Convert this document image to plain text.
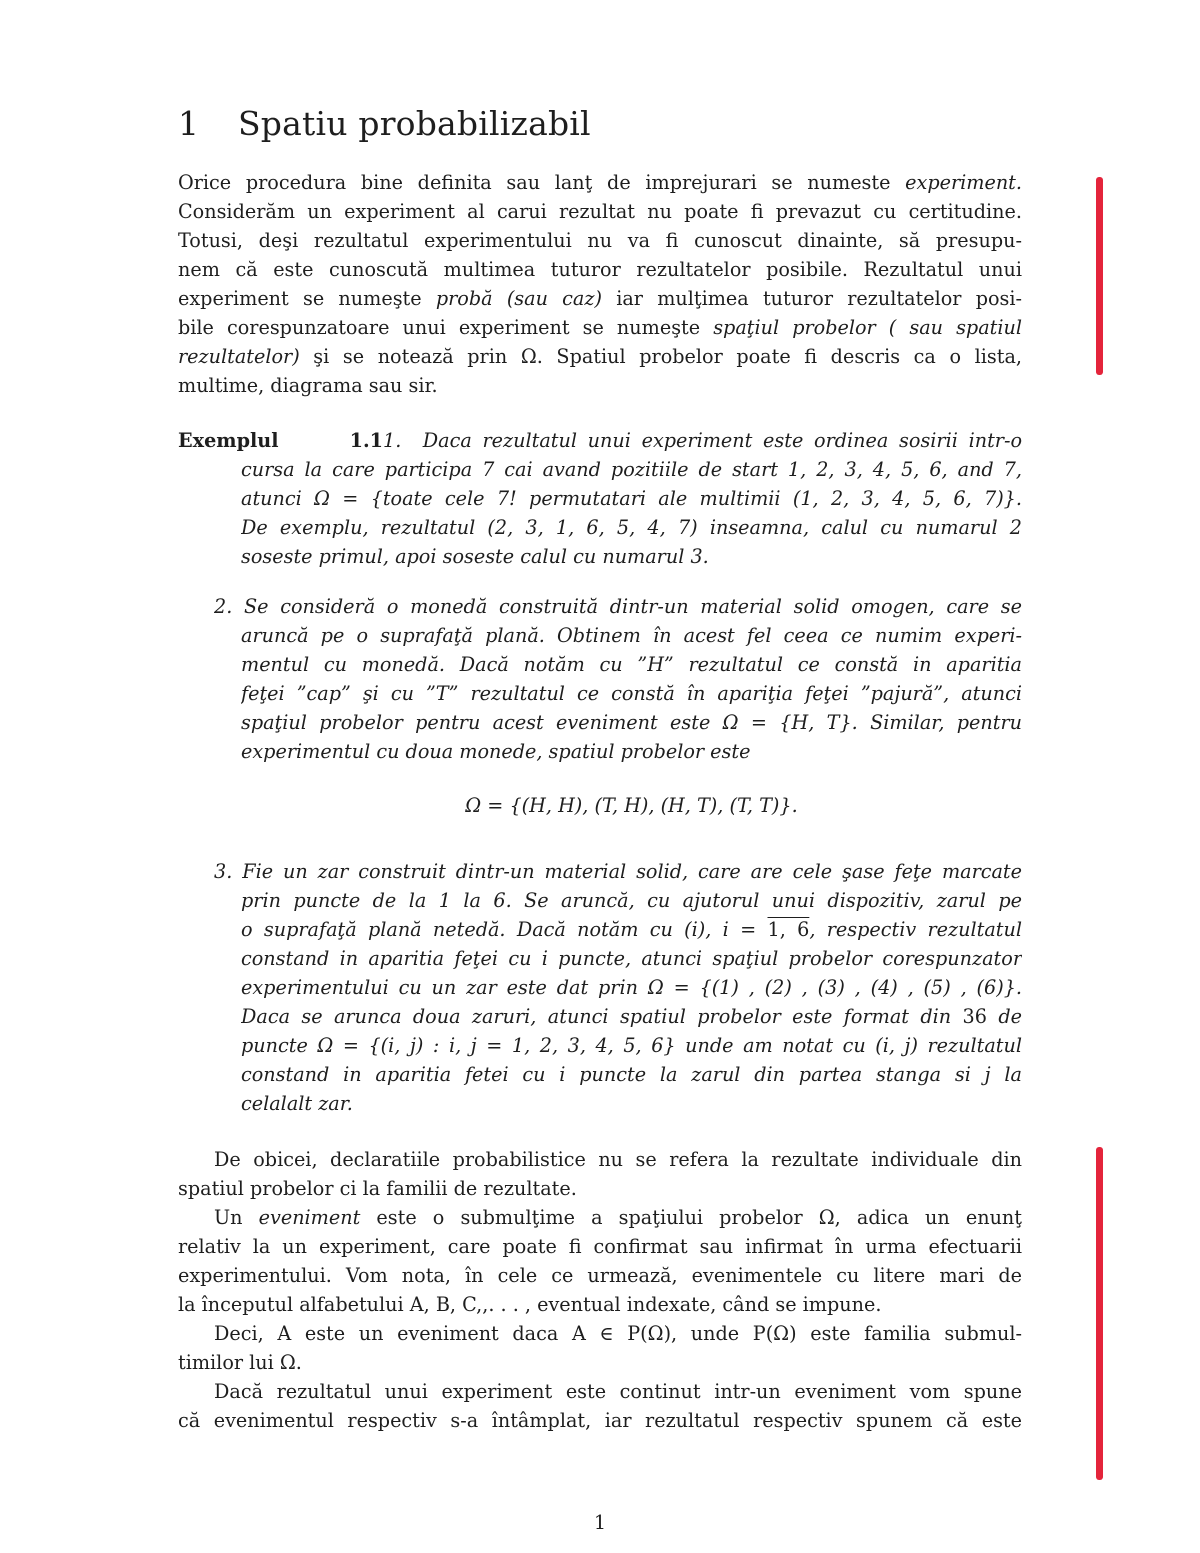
1 Spatiu probabilizabil

Orice procedura bine definita sau lanţ de imprejurari se numeste experiment.

Considerăm un experiment al carui rezultat nu poate fi prevazut cu certitudine.

Totusi, deşi rezultatul experimentului nu va fi cunoscut dinainte, să presupu-

nem că este cunoscută multimea tuturor rezultatelor posibile. Rezultatul unui

experiment se numeşte probă (sau caz) iar mulţimea tuturor rezultatelor posi-

bile corespunzatoare unui experiment se numeşte spaţiul probelor ( sau spatiul

rezultatelor) şi se notează prin Ω. Spatiul probelor poate fi descris ca o lista,

multime, diagrama sau sir.

Exemplul 1.11. Daca rezultatul unui experiment este ordinea sosirii intr-o

cursa la care participa 7 cai avand pozitiile de start 1, 2, 3, 4, 5, 6, and 7,

atunci Ω = {toate cele 7! permutatari ale multimii (1, 2, 3, 4, 5, 6, 7)}.

De exemplu, rezultatul (2, 3, 1, 6, 5, 4, 7) inseamna, calul cu numarul 2

soseste primul, apoi soseste calul cu numarul 3.

2. Se consideră o monedă construită dintr-un material solid omogen, care se

aruncă pe o suprafaţă plană. Obtinem în acest fel ceea ce numim experi-

mentul cu monedă. Dacă notăm cu ”H” rezultatul ce constă in aparitia

feţei ”cap” şi cu ”T” rezultatul ce constă în apariţia feţei ”pajură”, atunci

spaţiul probelor pentru acest eveniment este Ω = {H, T}. Similar, pentru

experimentul cu doua monede, spatiul probelor este

Ω = {(H, H), (T, H), (H, T), (T, T)}.

3. Fie un zar construit dintr-un material solid, care are cele şase feţe marcate

prin puncte de la 1 la 6. Se aruncă, cu ajutorul unui dispozitiv, zarul pe

o suprafaţă plană netedă. Dacă notăm cu (i), i = 1, 6, respectiv rezultatul

constand in aparitia feţei cu i puncte, atunci spaţiul probelor corespunzator

experimentului cu un zar este dat prin Ω = {(1) , (2) , (3) , (4) , (5) , (6)}.

Daca se arunca doua zaruri, atunci spatiul probelor este format din 36 de

puncte Ω = {(i, j) : i, j = 1, 2, 3, 4, 5, 6} unde am notat cu (i, j) rezultatul

constand in aparitia fetei cu i puncte la zarul din partea stanga si j la

celalalt zar.

De obicei, declaratiile probabilistice nu se refera la rezultate individuale din

spatiul probelor ci la familii de rezultate.

Un eveniment este o submulţime a spaţiului probelor Ω, adica un enunţ

relativ la un experiment, care poate fi confirmat sau infirmat în urma efectuarii

experimentului. Vom nota, în cele ce urmează, evenimentele cu litere mari de

la începutul alfabetului A, B, C,,. . . , eventual indexate, când se impune.

Deci, A este un eveniment daca A ∈ P(Ω), unde P(Ω) este familia submul-

timilor lui Ω.

Dacă rezultatul unui experiment este continut intr-un eveniment vom spune

că evenimentul respectiv s-a întâmplat, iar rezultatul respectiv spunem că este

1
